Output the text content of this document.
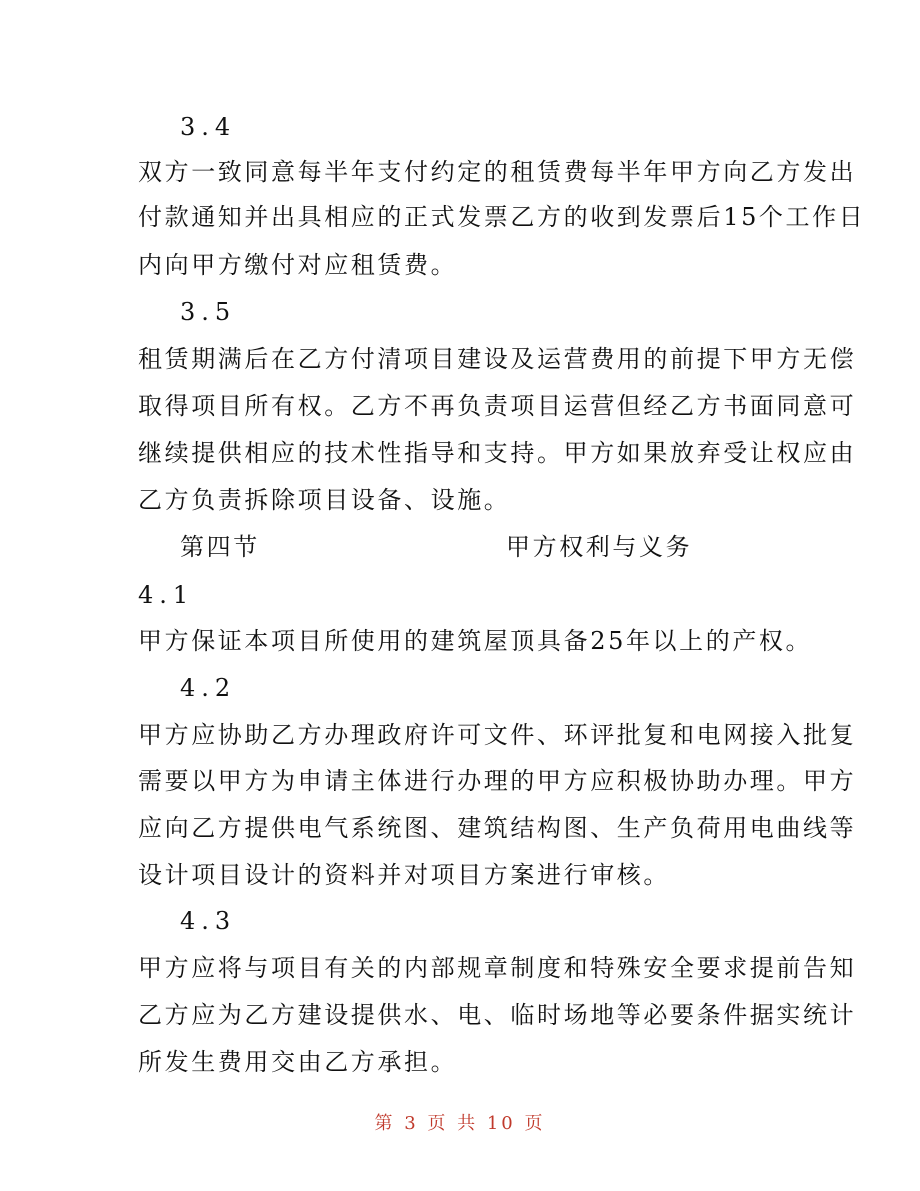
3.4
双方一致同意每半年支付约定的租赁费每半年甲方向乙方发出
付款通知并出具相应的正式发票乙方的收到发票后15个工作日
内向甲方缴付对应租赁费。
3.5
租赁期满后在乙方付清项目建设及运营费用的前提下甲方无偿
取得项目所有权。乙方不再负责项目运营但经乙方书面同意可
继续提供相应的技术性指导和支持。甲方如果放弃受让权应由
乙方负责拆除项目设备、设施。
第四节	甲方权利与义务
4.1
甲方保证本项目所使用的建筑屋顶具备25年以上的产权。
4.2
甲方应协助乙方办理政府许可文件、环评批复和电网接入批复
需要以甲方为申请主体进行办理的甲方应积极协助办理。甲方
应向乙方提供电气系统图、建筑结构图、生产负荷用电曲线等
设计项目设计的资料并对项目方案进行审核。
4.3
甲方应将与项目有关的内部规章制度和特殊安全要求提前告知
乙方应为乙方建设提供水、电、临时场地等必要条件据实统计
所发生费用交由乙方承担。
第 3 页 共 10 页
